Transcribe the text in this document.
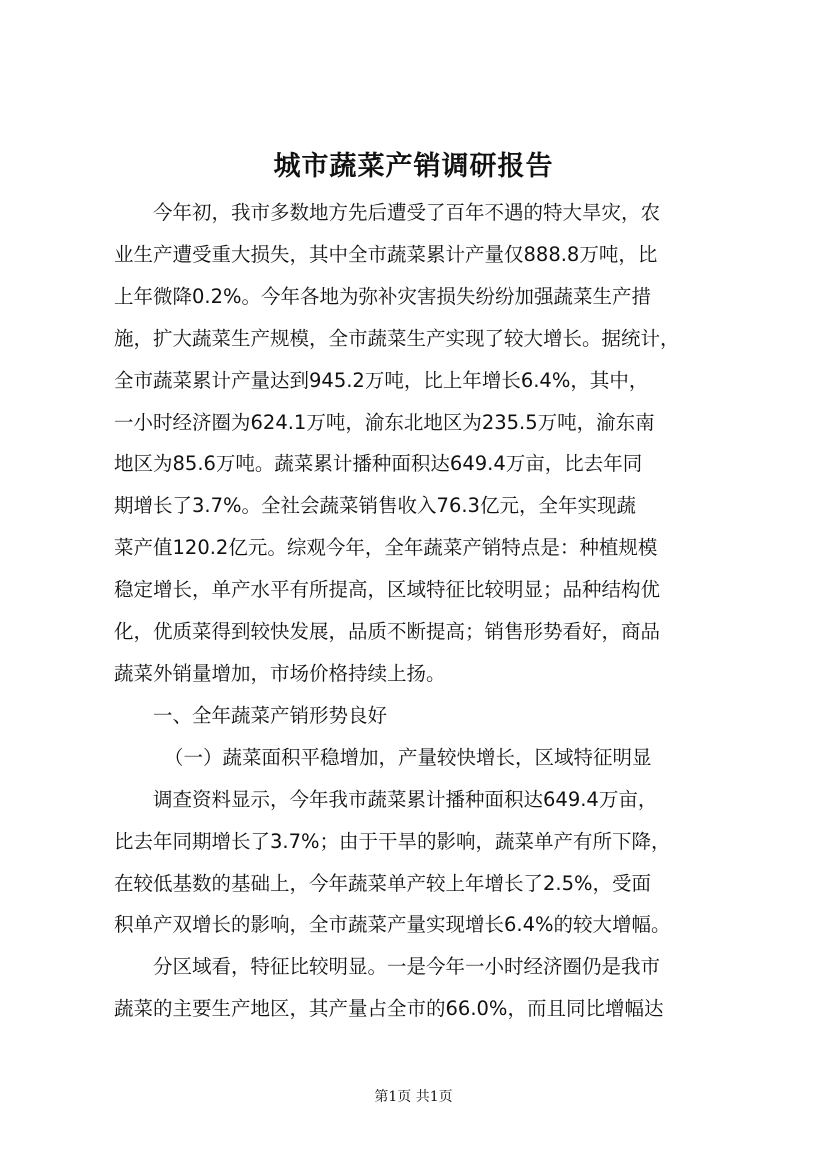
城市蔬菜产销调研报告

今年初，我市多数地方先后遭受了百年不遇的特大旱灾，农

业生产遭受重大损失，其中全市蔬菜累计产量仅888.8万吨，比

上年微降0.2%。今年各地为弥补灾害损失纷纷加强蔬菜生产措

施，扩大蔬菜生产规模，全市蔬菜生产实现了较大增长。据统计，

全市蔬菜累计产量达到945.2万吨，比上年增长6.4%，其中，

一小时经济圈为624.1万吨，渝东北地区为235.5万吨，渝东南

地区为85.6万吨。蔬菜累计播种面积达649.4万亩，比去年同

期增长了3.7%。全社会蔬菜销售收入76.3亿元，全年实现蔬

菜产值120.2亿元。综观今年，全年蔬菜产销特点是：种植规模

稳定增长，单产水平有所提高，区域特征比较明显；品种结构优

化，优质菜得到较快发展，品质不断提高；销售形势看好，商品

蔬菜外销量增加，市场价格持续上扬。

一、全年蔬菜产销形势良好

（一）蔬菜面积平稳增加，产量较快增长，区域特征明显

调查资料显示，今年我市蔬菜累计播种面积达649.4万亩，

比去年同期增长了3.7%；由于干旱的影响，蔬菜单产有所下降，

在较低基数的基础上，今年蔬菜单产较上年增长了2.5%，受面

积单产双增长的影响，全市蔬菜产量实现增长6.4%的较大增幅。

分区域看，特征比较明显。一是今年一小时经济圈仍是我市

蔬菜的主要生产地区，其产量占全市的66.0%，而且同比增幅达

第1页 共1页
